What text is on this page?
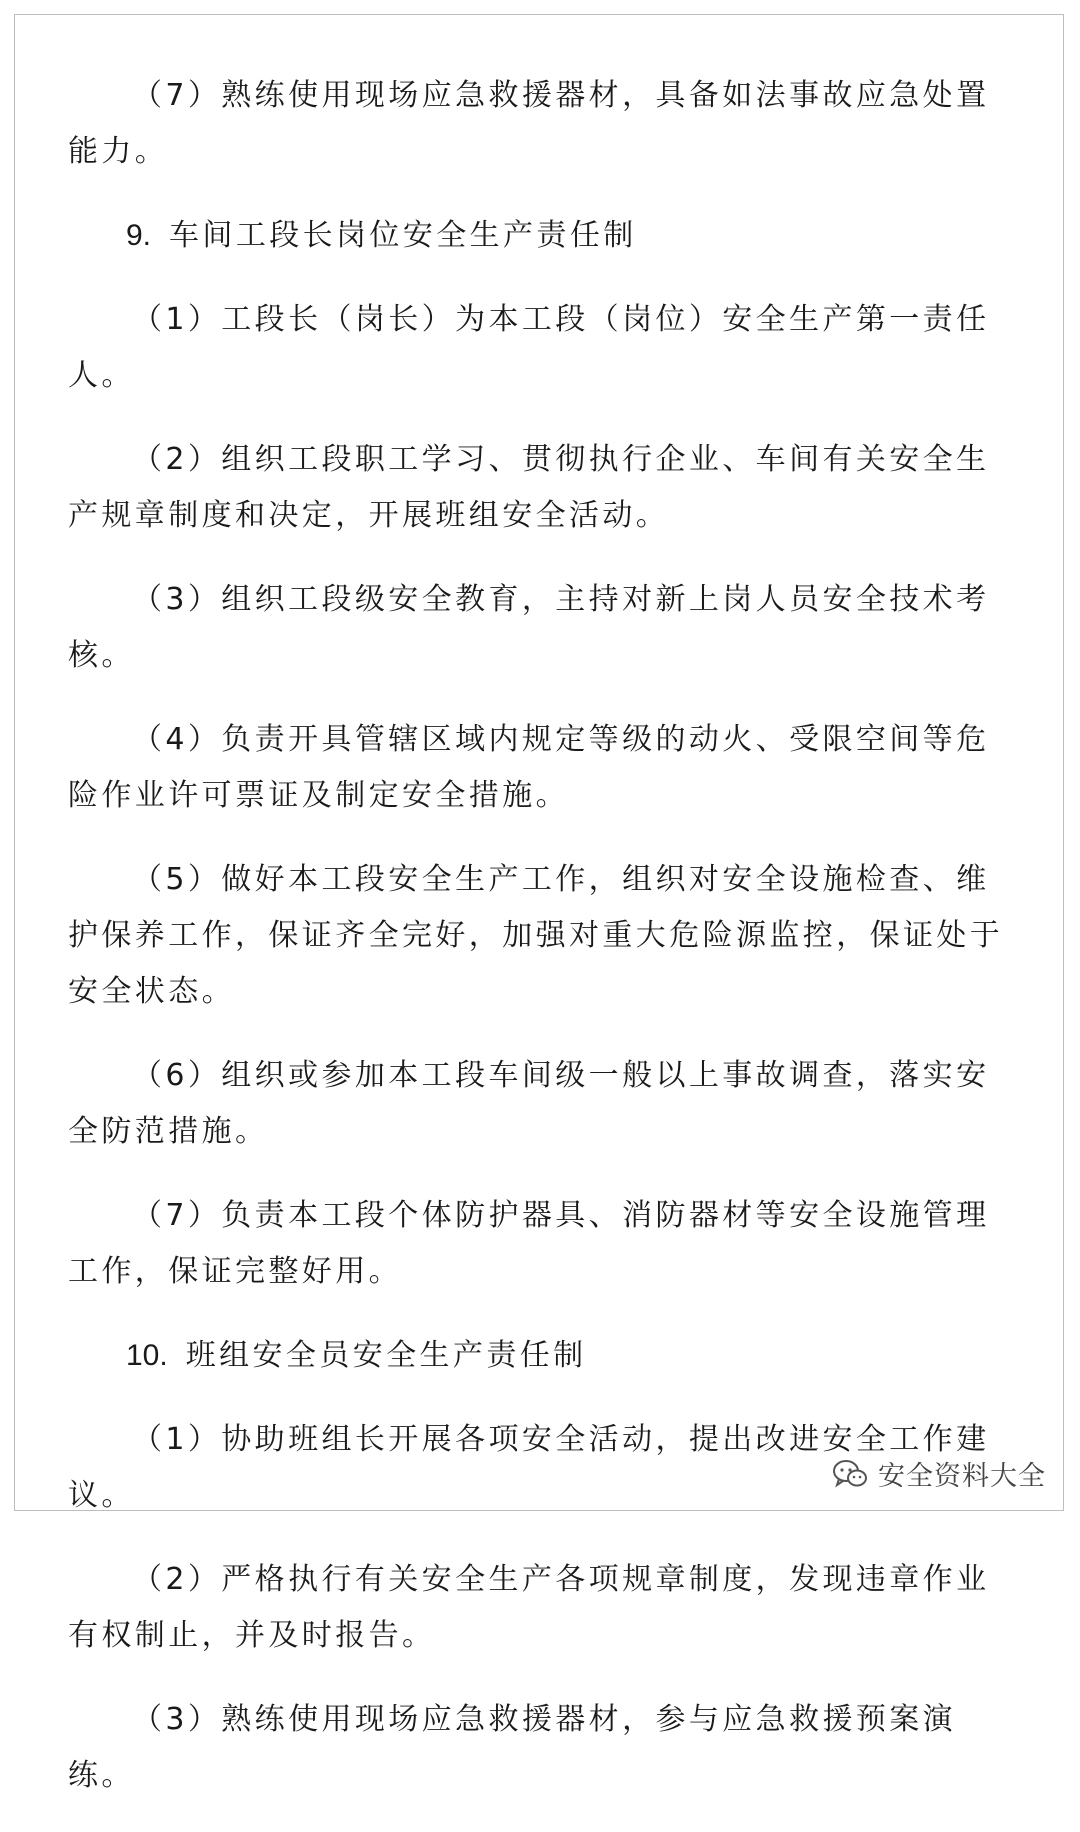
（7）熟练使用现场应急救援器材，具备如法事故应急处置能力。

9. 车间工段长岗位安全生产责任制

（1）工段长（岗长）为本工段（岗位）安全生产第一责任人。

（2）组织工段职工学习、贯彻执行企业、车间有关安全生产规章制度和决定，开展班组安全活动。

（3）组织工段级安全教育，主持对新上岗人员安全技术考核。

（4）负责开具管辖区域内规定等级的动火、受限空间等危险作业许可票证及制定安全措施。

（5）做好本工段安全生产工作，组织对安全设施检查、维护保养工作，保证齐全完好，加强对重大危险源监控，保证处于安全状态。

（6）组织或参加本工段车间级一般以上事故调查，落实安全防范措施。

（7）负责本工段个体防护器具、消防器材等安全设施管理工作，保证完整好用。

10. 班组安全员安全生产责任制

（1）协助班组长开展各项安全活动，提出改进安全工作建议。

（2）严格执行有关安全生产各项规章制度，发现违章作业有权制止，并及时报告。

（3）熟练使用现场应急救援器材，参与应急救援预案演练。

安全资料大全
